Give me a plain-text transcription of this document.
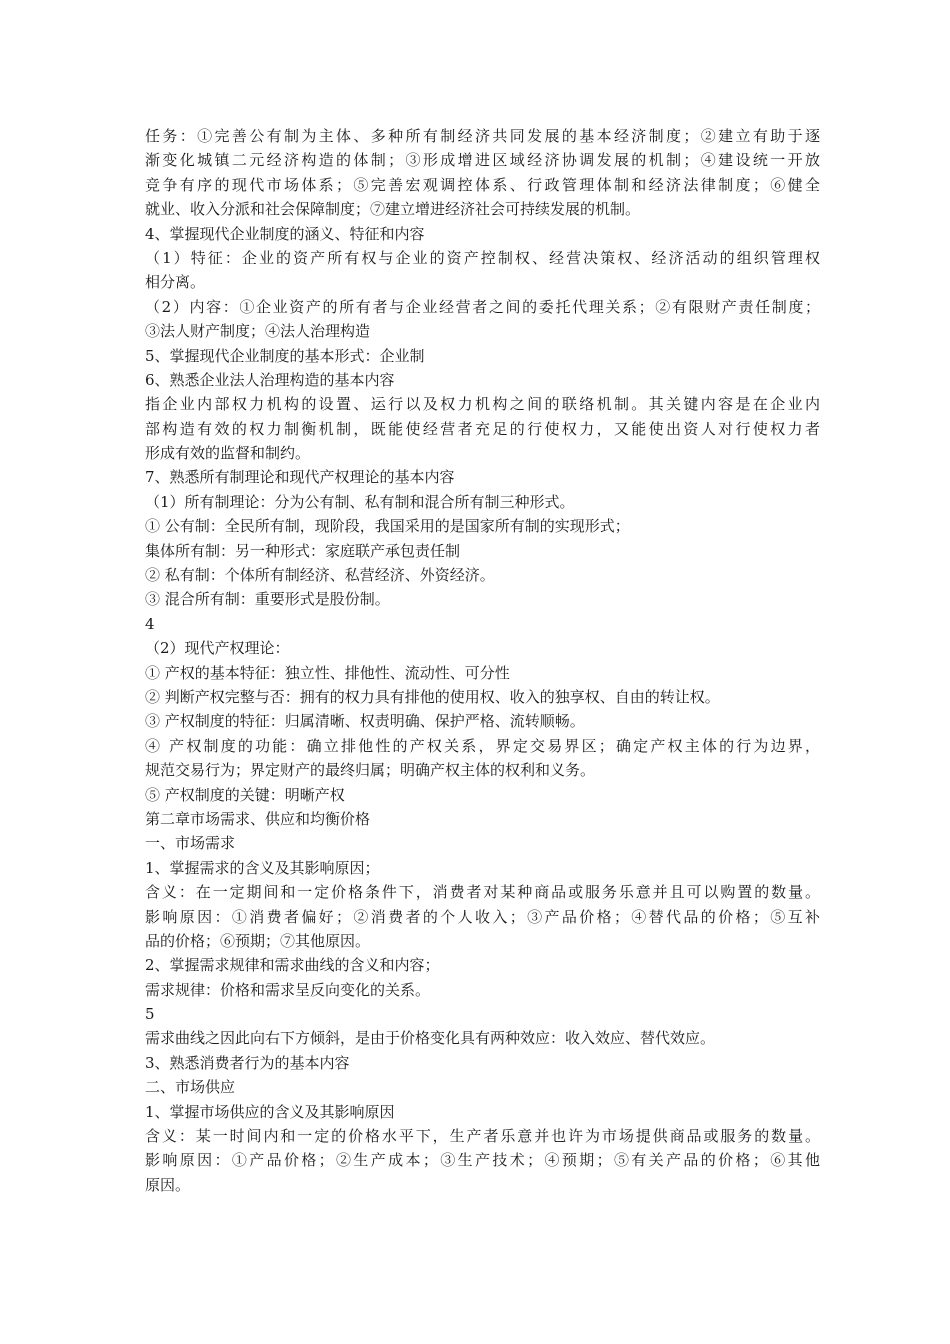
任务：①完善公有制为主体、多种所有制经济共同发展的基本经济制度；②建立有助于逐
渐变化城镇二元经济构造的体制；③形成增进区域经济协调发展的机制；④建设统一开放
竞争有序的现代市场体系；⑤完善宏观调控体系、行政管理体制和经济法律制度；⑥健全
就业、收入分派和社会保障制度；⑦建立增进经济社会可持续发展的机制。
4、掌握现代企业制度的涵义、特征和内容
（1）特征：企业的资产所有权与企业的资产控制权、经营决策权、经济活动的组织管理权
相分离。
（2）内容：①企业资产的所有者与企业经营者之间的委托代理关系；②有限财产责任制度；
③法人财产制度；④法人治理构造
5、掌握现代企业制度的基本形式：企业制
6、熟悉企业法人治理构造的基本内容
指企业内部权力机构的设置、运行以及权力机构之间的联络机制。其关键内容是在企业内
部构造有效的权力制衡机制，既能使经营者充足的行使权力，又能使出资人对行使权力者
形成有效的监督和制约。
7、熟悉所有制理论和现代产权理论的基本内容
（1）所有制理论：分为公有制、私有制和混合所有制三种形式。
① 公有制：全民所有制，现阶段，我国采用的是国家所有制的实现形式；
集体所有制：另一种形式：家庭联产承包责任制
② 私有制：个体所有制经济、私营经济、外资经济。
③ 混合所有制：重要形式是股份制。
4
（2）现代产权理论：
① 产权的基本特征：独立性、排他性、流动性、可分性
② 判断产权完整与否：拥有的权力具有排他的使用权、收入的独享权、自由的转让权。
③ 产权制度的特征：归属清晰、权责明确、保护严格、流转顺畅。
④ 产权制度的功能：确立排他性的产权关系，界定交易界区；确定产权主体的行为边界，
规范交易行为；界定财产的最终归属；明确产权主体的权利和义务。
⑤ 产权制度的关键：明晰产权
第二章市场需求、供应和均衡价格
一、市场需求
1、掌握需求的含义及其影响原因；
含义：在一定期间和一定价格条件下，消费者对某种商品或服务乐意并且可以购置的数量。
影响原因：①消费者偏好；②消费者的个人收入；③产品价格；④替代品的价格；⑤互补
品的价格；⑥预期；⑦其他原因。
2、掌握需求规律和需求曲线的含义和内容；
需求规律：价格和需求呈反向变化的关系。
5
需求曲线之因此向右下方倾斜，是由于价格变化具有两种效应：收入效应、替代效应。
3、熟悉消费者行为的基本内容
二、市场供应
1、掌握市场供应的含义及其影响原因
含义：某一时间内和一定的价格水平下，生产者乐意并也许为市场提供商品或服务的数量。
影响原因：①产品价格；②生产成本；③生产技术；④预期；⑤有关产品的价格；⑥其他
原因。
